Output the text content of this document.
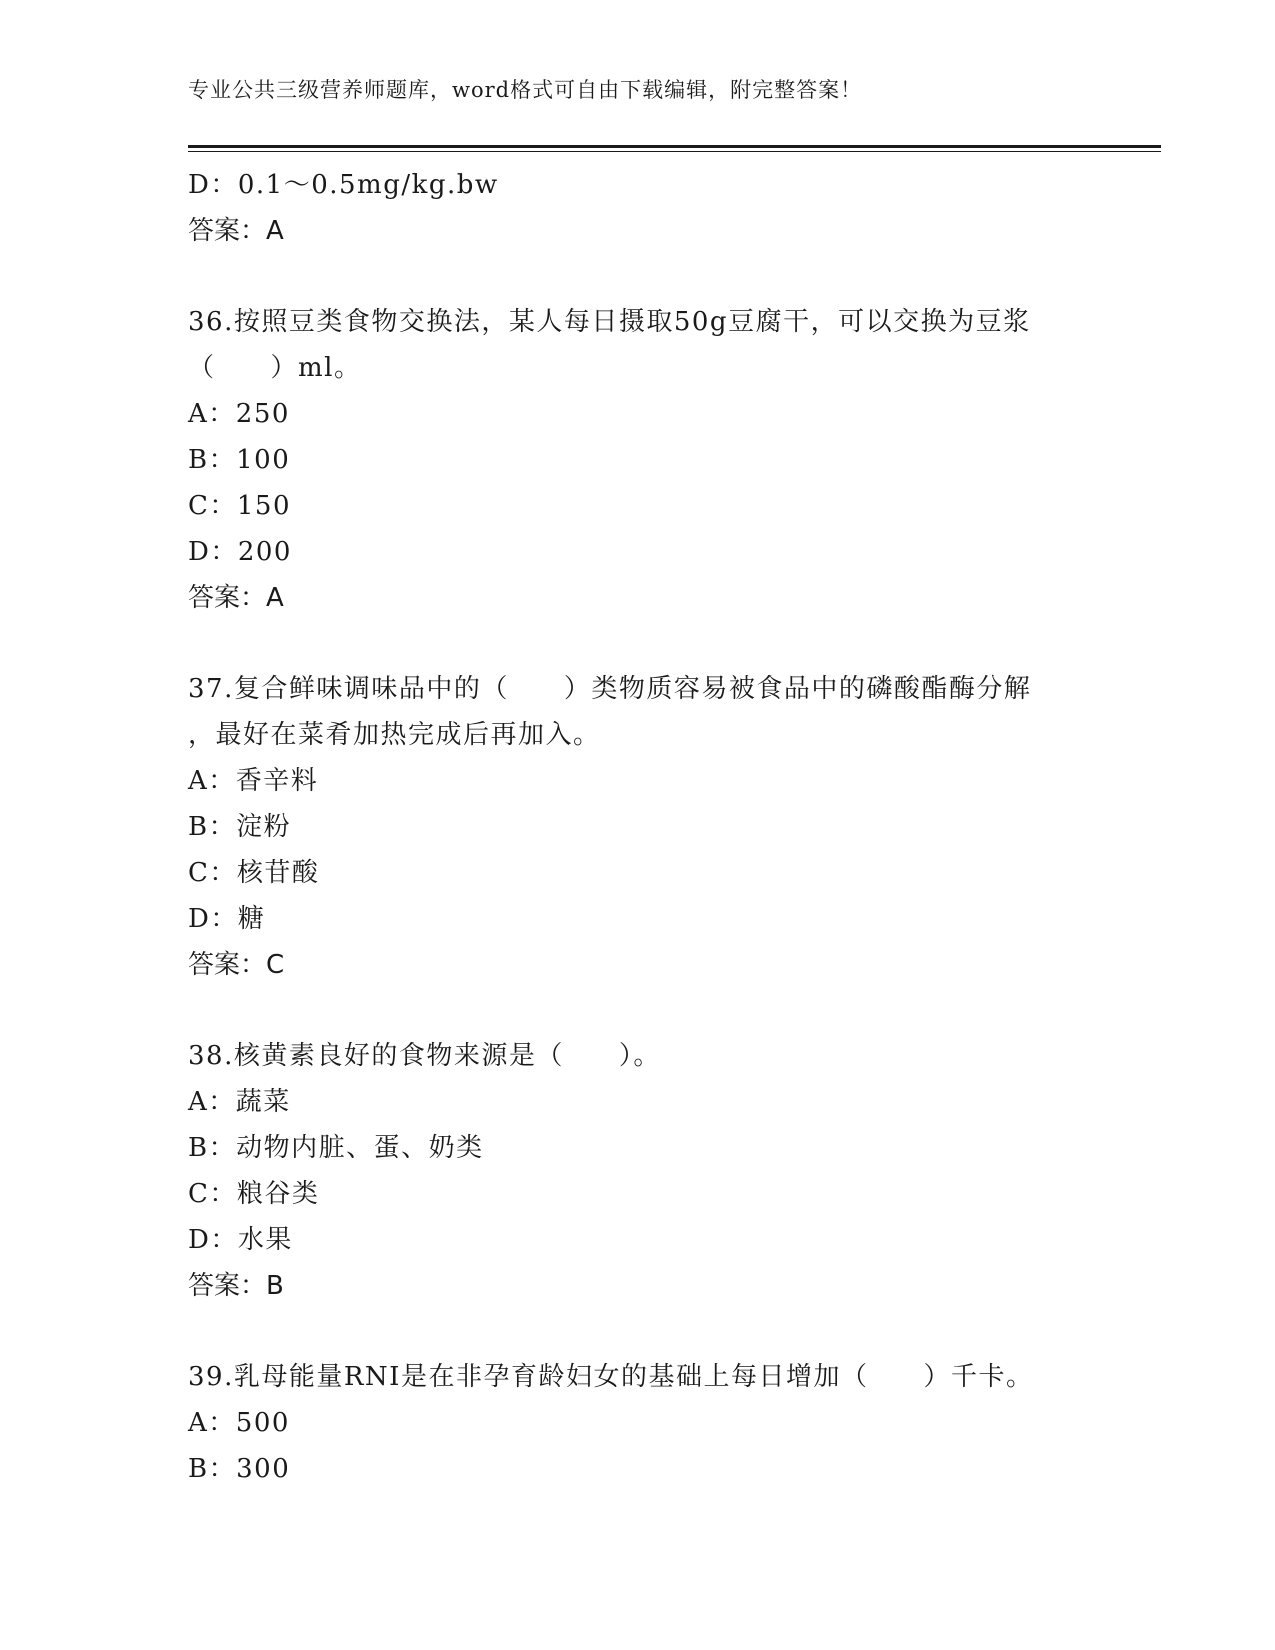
专业公共三级营养师题库，word格式可自由下载编辑，附完整答案！
D：0.1～0.5mg/kg.bw
答案：A
36.按照豆类食物交换法，某人每日摄取50g豆腐干，可以交换为豆浆
（　　）ml。
A：250
B：100
C：150
D：200
答案：A
37.复合鲜味调味品中的（　　）类物质容易被食品中的磷酸酯酶分解
，最好在菜肴加热完成后再加入。
A：香辛料
B：淀粉
C：核苷酸
D：糖
答案：C
38.核黄素良好的食物来源是（　　）。
A：蔬菜
B：动物内脏、蛋、奶类
C：粮谷类
D：水果
答案：B
39.乳母能量RNI是在非孕育龄妇女的基础上每日增加（　　）千卡。
A：500
B：300
